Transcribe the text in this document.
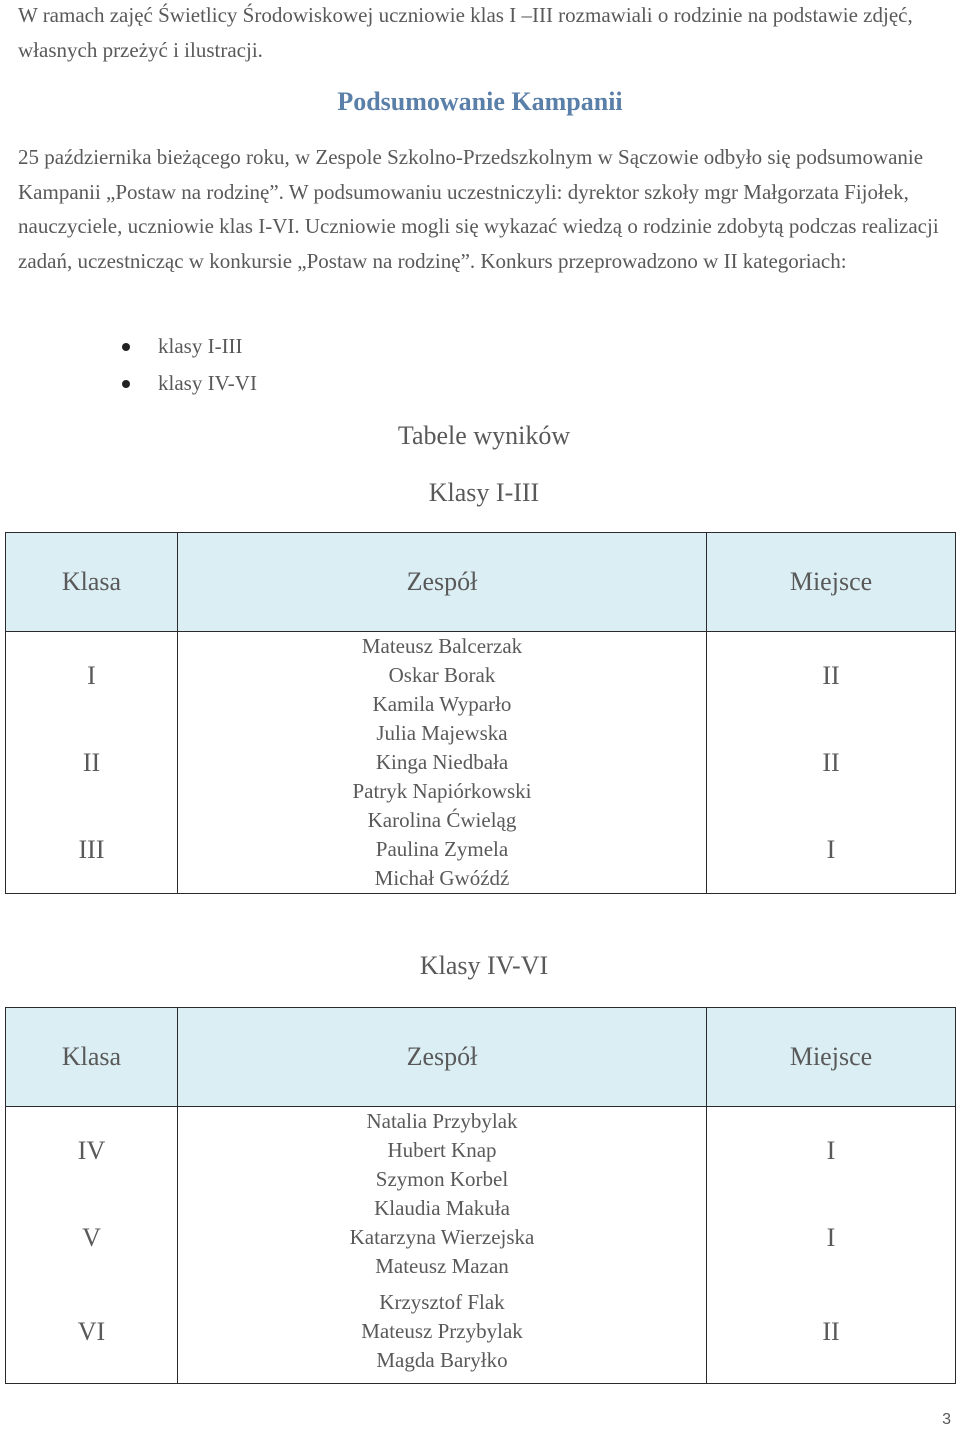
W ramach zajęć Świetlicy Środowiskowej uczniowie klas I –III rozmawiali o rodzinie na podstawie zdjęć, własnych przeżyć i ilustracji.

Podsumowanie Kampanii

25 października bieżącego roku, w Zespole Szkolno-Przedszkolnym w Sączowie odbyło się podsumowanie Kampanii „Postaw na rodzinę”. W podsumowaniu uczestniczyli: dyrektor szkoły mgr Małgorzata Fijołek, nauczyciele, uczniowie klas I-VI. Uczniowie mogli się wykazać wiedzą o rodzinie zdobytą podczas realizacji zadań, uczestnicząc w konkursie „Postaw na rodzinę”. Konkurs przeprowadzono w II kategoriach:

klasy I-III
klasy IV-VI
Tabele wyników
Klasy I-III
Klasa	Zespół	Miejsce
I	Mateusz Balcerzak
Oskar Borak
Kamila Wyparło	II
II	Julia Majewska
Kinga Niedbała
Patryk Napiórkowski	II
III	Karolina Ćwieląg
Paulina Zymela
Michał Gwóźdź	I
Klasy IV-VI
Klasa	Zespół	Miejsce
IV	Natalia Przybylak
Hubert Knap
Szymon Korbel	I
V	Klaudia Makuła
Katarzyna Wierzejska
Mateusz Mazan	I
VI	Krzysztof Flak
Mateusz Przybylak
Magda Baryłko	II
3
